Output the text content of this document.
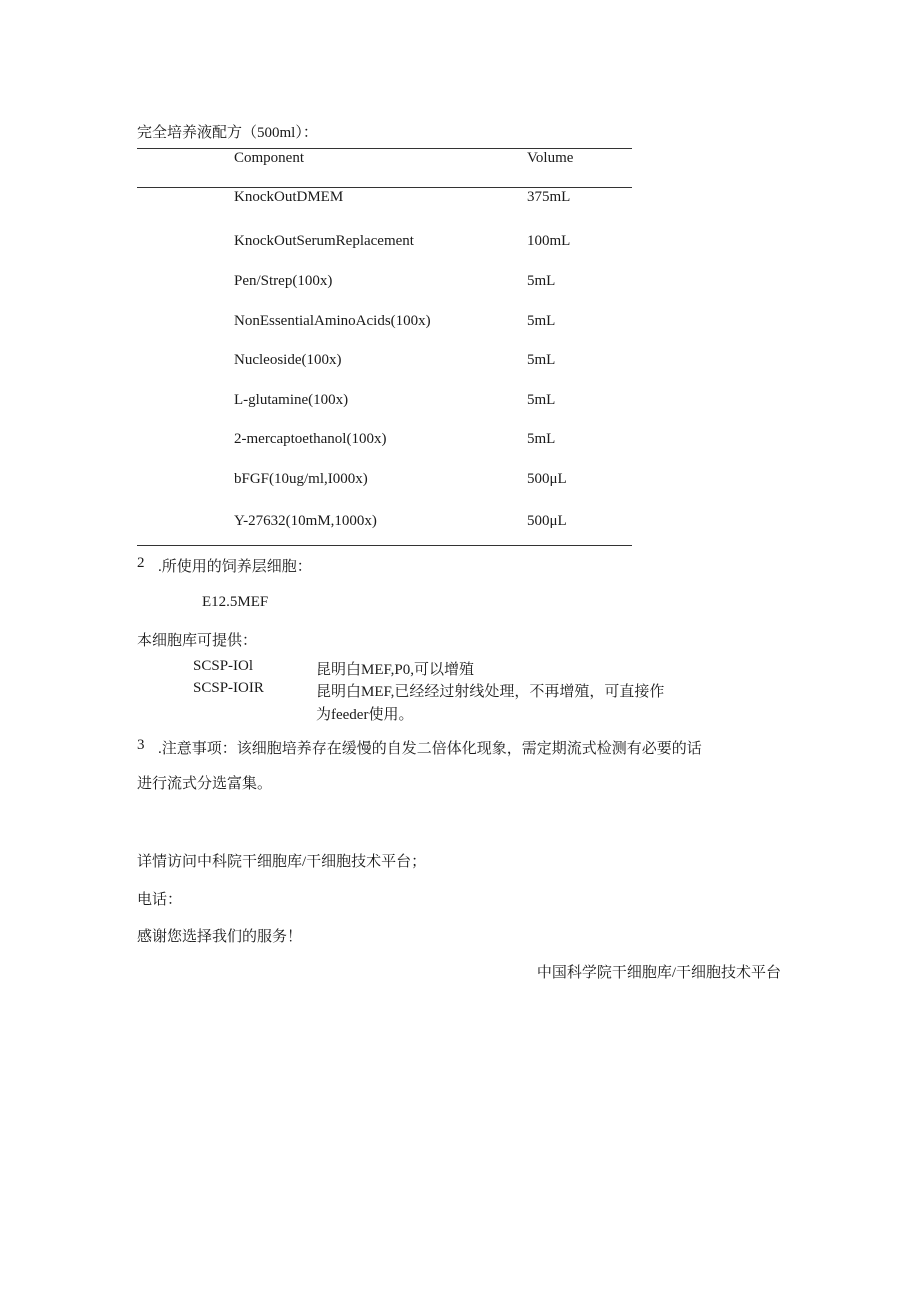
完全培养液配方（500ml）：
Component	Volume
KnockOutDMEM	375mL
KnockOutSerumReplacement	100mL
Pen/Strep(100x)	5mL
NonEssentialAminoAcids(100x)	5mL
Nucleoside(100x)	5mL
L-glutamine(100x)	5mL
2-mercaptoethanol(100x)	5mL
bFGF(10ug/ml,I000x)	500μL
Y-27632(10mM,1000x)	500μL
2 .所使用的饲养层细胞：
E12.5MEF
本细胞库可提供：
SCSP-IOl	昆明白MEF,P0,可以增殖
SCSP-IOIR	昆明白MEF,已经经过射线处理，不再增殖，可直接作
为feeder使用。
3 .注意事项：该细胞培养存在缓慢的自发二倍体化现象，需定期流式检测有必要的话
进行流式分选富集。
详情访问中科院干细胞库/干细胞技术平台；
电话：
感谢您选择我们的服务！
中国科学院干细胞库/干细胞技术平台
